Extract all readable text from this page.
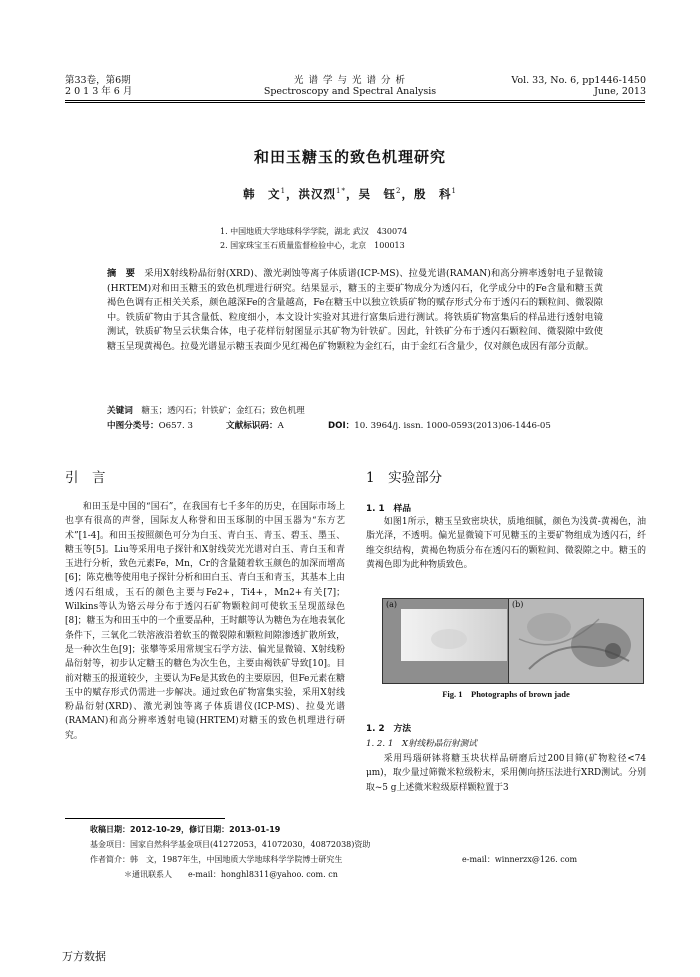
第33卷，第6期
2 0 1 3 年 6 月
光 谱 学 与 光 谱 分 析
Spectroscopy and Spectral Analysis
Vol. 33, No. 6, pp1446-1450
June, 2013
和田玉糖玉的致色机理研究
韩　文$^1$，洪汉烈$^{1*}$，吴　钰$^2$，殷　科$^1$
1. 中国地质大学地球科学学院，湖北 武汉　430074
2. 国家珠宝玉石质量监督检验中心，北京　100013
摘　要　 采用X射线粉晶衍射(XRD)、激光剥蚀等离子体质谱(ICP-MS)、拉曼光谱(RAMAN)和高分辨率透射电子显微镜(HRTEM)对和田玉糖玉的致色机理进行研究。结果显示，糖玉的主要矿物成分为透闪石，化学成分中的Fe含量和糖玉黄褐色色调有正相关关系，颜色越深Fe的含量越高，Fe在糖玉中以独立铁质矿物的赋存形式分布于透闪石的颗粒间、微裂隙中。铁质矿物由于其含量低、粒度细小，本文设计实验对其进行富集后进行测试。将铁质矿物富集后的样品进行透射电镜测试，铁质矿物呈云状集合体，电子花样衍射图显示其矿物为针铁矿。因此，针铁矿分布于透闪石颗粒间、微裂隙中致使糖玉呈现黄褐色。拉曼光谱显示糖玉表面少见红褐色矿物颗粒为金红石，由于金红石含量少，仅对颜色成因有部分贡献。
关键词　 糖玉；透闪石；针铁矿；金红石；致色机理
中图分类号：O657. 3	文献标识码：A	DOI：10. 3964/j. issn. 1000-0593(2013)06-1446-05
引　言
和田玉是中国的“国石”，在我国有七千多年的历史，在国际市场上也享有很高的声誉，国际友人称誉和田玉琢制的中国玉器为“东方艺术”[1-4]。和田玉按照颜色可分为白玉、青白玉、青玉、碧玉、墨玉、糖玉等[5]。Liu等采用电子探针和X射线荧光光谱对白玉、青白玉和青玉进行分析，致色元素Fe，Mn，Cr的含量随着软玉颜色的加深而增高[6]；陈克樵等使用电子探针分析和田白玉、青白玉和青玉，其基本上由透闪石组成，玉石的颜色主要与Fe2+，Ti4+，Mn2+有关[7]；Wilkins等认为铬云母分布于透闪石矿物颗粒间可使软玉呈现蓝绿色[8]；糖玉为和田玉中的一个重要品种，王时麒等认为糖色为在地表氧化条件下，三氧化二铁溶液沿着软玉的微裂隙和颗粒间隙渗透扩散所致，是一种次生色[9]；张攀等采用常规宝石学方法、偏光显微镜、X射线粉晶衍射等，初步认定糖玉的糖色为次生色，主要由褐铁矿导致[10]。目前对糖玉的报道较少，主要认为Fe是其致色的主要原因，但Fe元素在糖玉中的赋存形式仍需进一步解决。通过致色矿物富集实验，采用X射线粉晶衍射(XRD)、激光剥蚀等离子体质谱仪(ICP-MS)、拉曼光谱(RAMAN)和高分辨率透射电镜(HRTEM)对糖玉的致色机理进行研究。
1　实验部分
1. 1　样品
如图1所示，糖玉呈致密块状，质地细腻，颜色为浅黄-黄褐色，油脂光泽，不透明。偏光显微镜下可见糖玉的主要矿物组成为透闪石，纤维交织结构，黄褐色物质分布在透闪石的颗粒间、微裂隙之中。糖玉的黄褐色即为此种物质致色。
(a)	(b)
Fig. 1　Photographs of brown jade
1. 2　方法
1. 2. 1　X射线粉晶衍射测试
采用玛瑙研钵将糖玉块状样品研磨后过200目筛(矿物粒径<74 μm)，取少量过筛微米粒级粉末，采用侧向挤压法进行XRD测试。分别取~5 g上述微米粒级原样颗粒置于3
收稿日期：2012-10-29，修订日期：2013-01-19
基金项目：国家自然科学基金项目(41272053，41072030，40872038)资助
作者简介：韩　文，1987年生，中国地质大学地球科学学院博士研究生	e-mail：winnerzx@126. com
＊通讯联系人　　e-mail：honghl8311@yahoo. com. cn
万方数据
